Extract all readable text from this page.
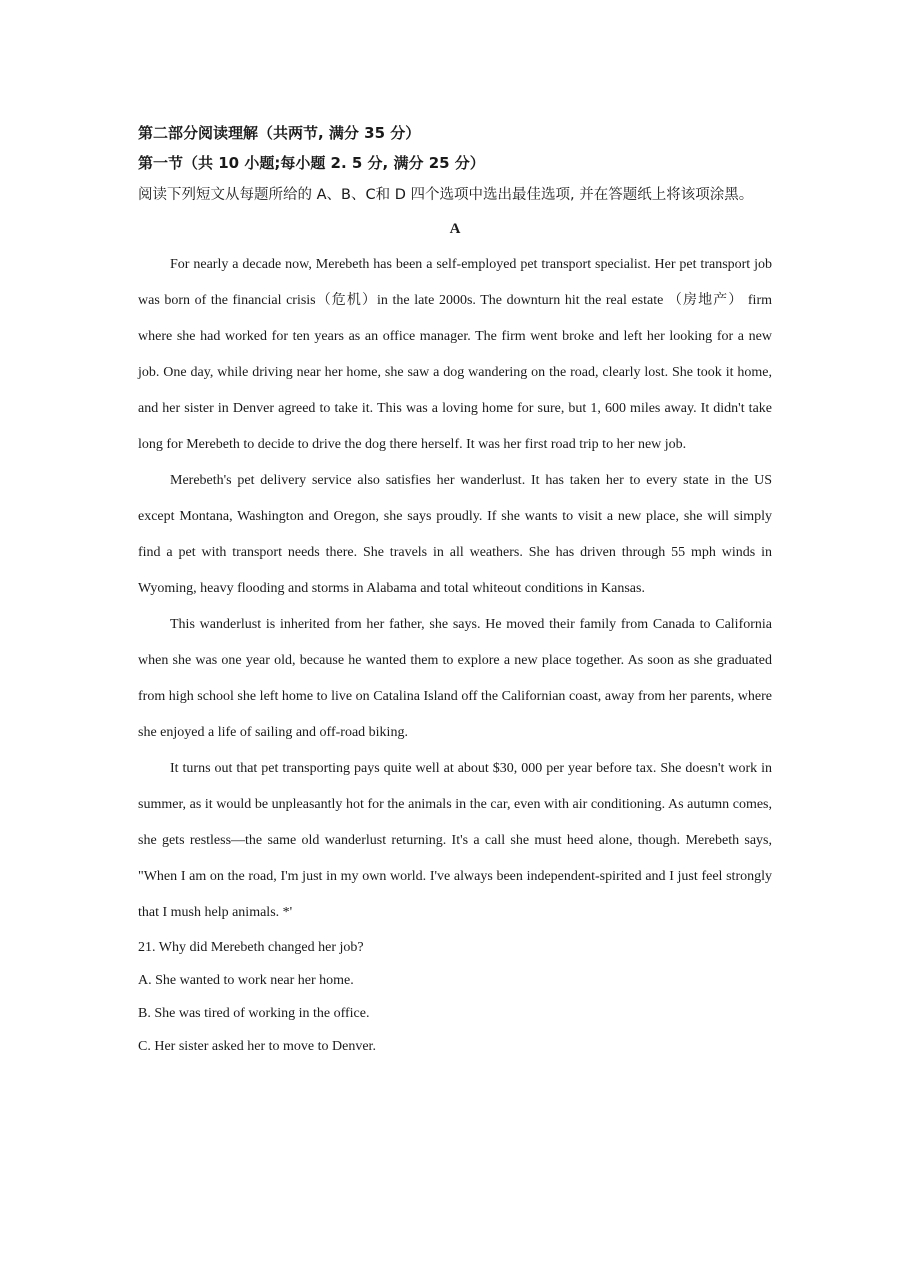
第二部分阅读理解（共两节, 满分 35 分）

第一节（共 10 小题;每小题 2. 5 分, 满分 25 分）

阅读下列短文从每题所给的 A、B、C和 D 四个选项中选出最佳选项, 并在答题纸上将该项涂黑。

A

For nearly a decade now, Merebeth has been a self-employed pet transport specialist. Her pet transport job was born of the financial crisis（危机）in the late 2000s. The downturn hit the real estate （房地产） firm where she had worked for ten years as an office manager. The firm went broke and left her looking for a new job. One day, while driving near her home, she saw a dog wandering on the road, clearly lost. She took it home, and her sister in Denver agreed to take it. This was a loving home for sure, but 1, 600 miles away. It didn't take long for Merebeth to decide to drive the dog there herself. It was her first road trip to her new job.

Merebeth's pet delivery service also satisfies her wanderlust. It has taken her to every state in the US except Montana, Washington and Oregon, she says proudly. If she wants to visit a new place, she will simply find a pet with transport needs there. She travels in all weathers. She has driven through 55 mph winds in Wyoming, heavy flooding and storms in Alabama and total whiteout conditions in Kansas.

This wanderlust is inherited from her father, she says. He moved their family from Canada to California when she was one year old, because he wanted them to explore a new place together. As soon as she graduated from high school she left home to live on Catalina Island off the Californian coast, away from her parents, where she enjoyed a life of sailing and off-road biking.

It turns out that pet transporting pays quite well at about $30, 000 per year before tax. She doesn't work in summer, as it would be unpleasantly hot for the animals in the car, even with air conditioning. As autumn comes, she gets restless—the same old wanderlust returning. It's a call she must heed alone, though. Merebeth says, "When I am on the road, I'm just in my own world. I've always been independent-spirited and I just feel strongly that I mush help animals. *'

21. Why did Merebeth changed her job?

A. She wanted to work near her home.

B. She was tired of working in the office.

C. Her sister asked her to move to Denver.
